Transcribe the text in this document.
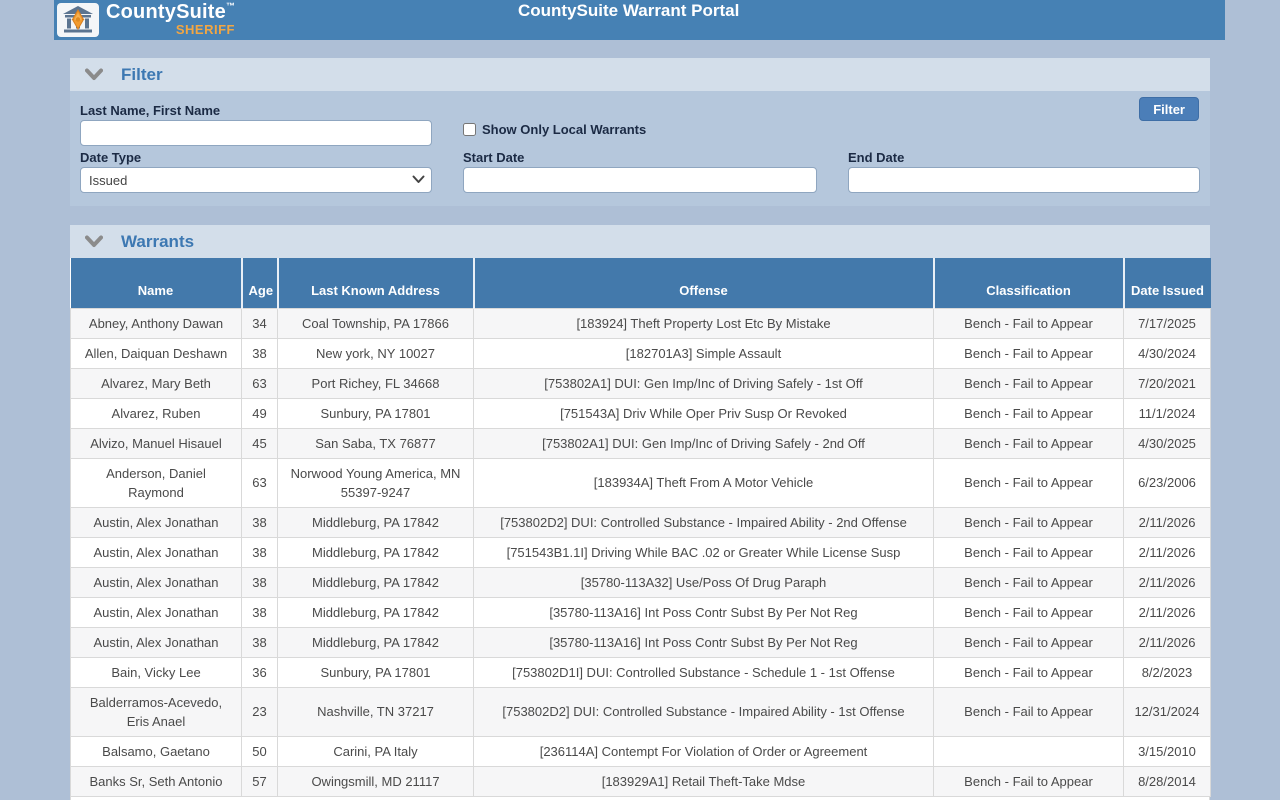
CountySuite™
SHERIFF
CountySuite Warrant Portal
Filter
Last Name, First Name
Show Only Local Warrants
Filter
Date Type
Issued	Start Date	End Date
Warrants
Name	Age	Last Known Address	Offense	Classification	Date Issued
Abney, Anthony Dawan	34	Coal Township, PA 17866	[183924] Theft Property Lost Etc By Mistake	Bench - Fail to Appear	7/17/2025
Allen, Daiquan Deshawn	38	New york, NY 10027	[182701A3] Simple Assault	Bench - Fail to Appear	4/30/2024
Alvarez, Mary Beth	63	Port Richey, FL 34668	[753802A1] DUI: Gen Imp/Inc of Driving Safely - 1st Off	Bench - Fail to Appear	7/20/2021
Alvarez, Ruben	49	Sunbury, PA 17801	[751543A] Driv While Oper Priv Susp Or Revoked	Bench - Fail to Appear	11/1/2024
Alvizo, Manuel Hisauel	45	San Saba, TX 76877	[753802A1] DUI: Gen Imp/Inc of Driving Safely - 2nd Off	Bench - Fail to Appear	4/30/2025
Anderson, Daniel Raymond	63	Norwood Young America, MN 55397-9247	[183934A] Theft From A Motor Vehicle	Bench - Fail to Appear	6/23/2006
Austin, Alex Jonathan	38	Middleburg, PA 17842	[753802D2] DUI: Controlled Substance - Impaired Ability - 2nd Offense	Bench - Fail to Appear	2/11/2026
Austin, Alex Jonathan	38	Middleburg, PA 17842	[751543B1.1I] Driving While BAC .02 or Greater While License Susp	Bench - Fail to Appear	2/11/2026
Austin, Alex Jonathan	38	Middleburg, PA 17842	[35780-113A32] Use/Poss Of Drug Paraph	Bench - Fail to Appear	2/11/2026
Austin, Alex Jonathan	38	Middleburg, PA 17842	[35780-113A16] Int Poss Contr Subst By Per Not Reg	Bench - Fail to Appear	2/11/2026
Austin, Alex Jonathan	38	Middleburg, PA 17842	[35780-113A16] Int Poss Contr Subst By Per Not Reg	Bench - Fail to Appear	2/11/2026
Bain, Vicky Lee	36	Sunbury, PA 17801	[753802D1I] DUI: Controlled Substance - Schedule 1 - 1st Offense	Bench - Fail to Appear	8/2/2023
Balderramos-Acevedo, Eris Anael	23	Nashville, TN 37217	[753802D2] DUI: Controlled Substance - Impaired Ability - 1st Offense	Bench - Fail to Appear	12/31/2024
Balsamo, Gaetano	50	Carini, PA Italy	[236114A] Contempt For Violation of Order or Agreement		3/15/2010
Banks Sr, Seth Antonio	57	Owingsmill, MD 21117	[183929A1] Retail Theft-Take Mdse	Bench - Fail to Appear	8/28/2014
